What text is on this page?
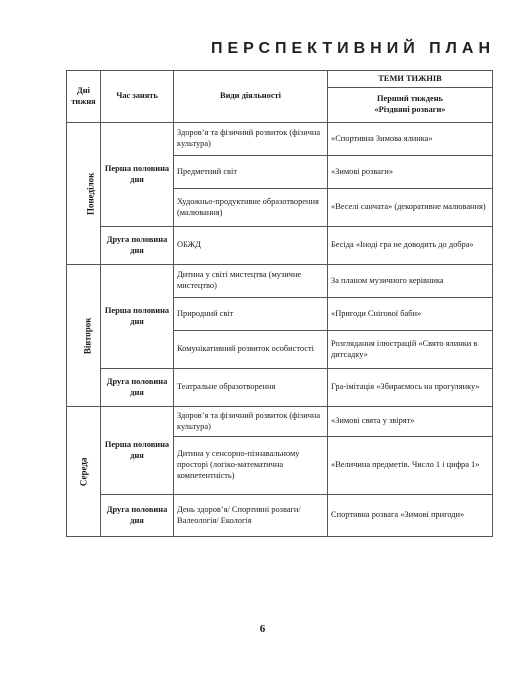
ПЕРСПЕКТИВНИЙ ПЛАН
Дні тижня	Час занять	Види діяльності	ТЕМИ ТИЖНІВ
			Перший тиждень
«Різдвяні розваги»
Понеділок	Перша половина дня	Здоров’я та фізичний розвиток (фізична культура)	«Спортивна Зимова ялинка»
		Предметний світ	«Зимові розваги»
		Художньо-продуктивне образотворення (малювання)	«Веселі санчата» (декоративне малювання)
	Друга половина дня	ОБЖД	Бесіда «Іноді гра не доводить до добра»
Вівторок	Перша половина дня	Дитина у світі мистецтва (музичне мистецтво)	За планом музичного керівника
		Природний світ	«Пригоди Снігової баби»
		Комунікативний розвиток особистості	Розглядання ілюстрацій «Свято ялинки в дитсадку»
	Друга половина дня	Театральне образотворення	Гра-імітація «Збираємось на прогулянку»
Середа	Перша половина дня	Здоров’я та фізичний розвиток (фізична культура)	«Зимові свята у звірят»
		Дитина у сенсорно-пізнавальному просторі (логіко-математична компетентність)	«Величина предметів. Число 1 і цифра 1»
	Друга половина дня	День здоров’я/ Спортивні розваги/ Валеологія/ Екологія	Спортивна розвага «Зимові пригоди»
6
